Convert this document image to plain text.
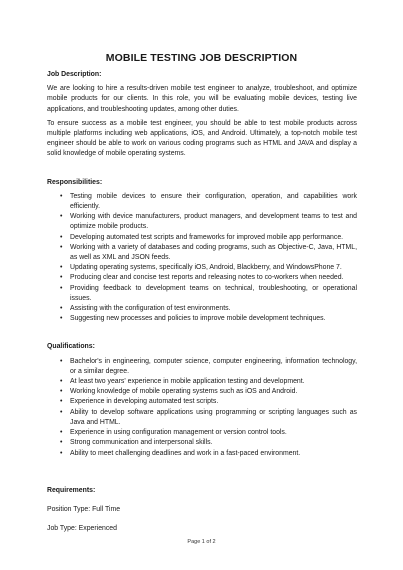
MOBILE TESTING JOB DESCRIPTION

Job Description:

We are looking to hire a results-driven mobile test engineer to analyze, troubleshoot, and optimize mobile products for our clients. In this role, you will be evaluating mobile devices, testing live applications, and troubleshooting updates, among other duties.

To ensure success as a mobile test engineer, you should be able to test mobile products across multiple platforms including web applications, iOS, and Android. Ultimately, a top-notch mobile test engineer should be able to work on various coding programs such as HTML and JAVA and display a solid knowledge of mobile operating systems.

Responsibilities:

• Testing mobile devices to ensure their configuration, operation, and capabilities work efficiently.
• Working with device manufacturers, product managers, and development teams to test and optimize mobile products.
• Developing automated test scripts and frameworks for improved mobile app performance.
• Working with a variety of databases and coding programs, such as Objective-C, Java, HTML, as well as XML and JSON feeds.
• Updating operating systems, specifically iOS, Android, Blackberry, and WindowsPhone 7.
• Producing clear and concise test reports and releasing notes to co-workers when needed.
• Providing feedback to development teams on technical, troubleshooting, or operational issues.
• Assisting with the configuration of test environments.
• Suggesting new processes and policies to improve mobile development techniques.

Qualifications:

• Bachelor's in engineering, computer science, computer engineering, information technology, or a similar degree.
• At least two years' experience in mobile application testing and development.
• Working knowledge of mobile operating systems such as iOS and Android.
• Experience in developing automated test scripts.
• Ability to develop software applications using programming or scripting languages such as Java and HTML.
• Experience in using configuration management or version control tools.
• Strong communication and interpersonal skills.
• Ability to meet challenging deadlines and work in a fast-paced environment.

Requirements:

Position Type: Full Time

Job Type: Experienced

Page 1 of 2
